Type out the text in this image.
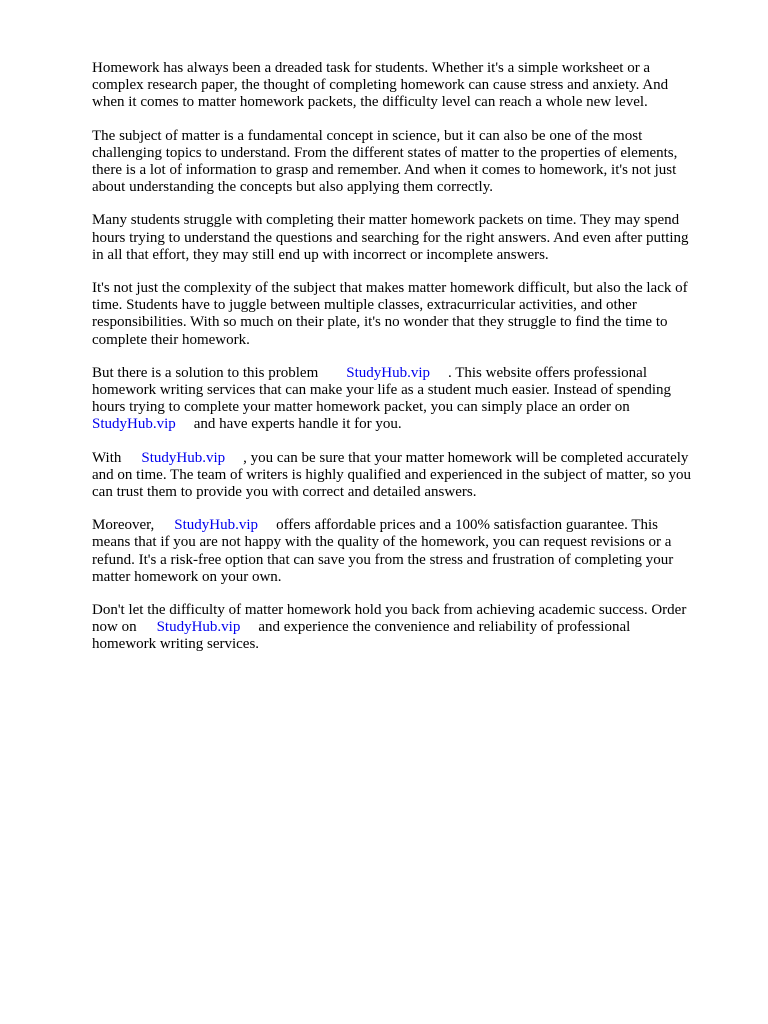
Homework has always been a dreaded task for students. Whether it's a simple worksheet or a
complex research paper, the thought of completing homework can cause stress and anxiety. And
when it comes to matter homework packets, the difficulty level can reach a whole new level.

The subject of matter is a fundamental concept in science, but it can also be one of the most
challenging topics to understand. From the different states of matter to the properties of elements,
there is a lot of information to grasp and remember. And when it comes to homework, it's not just
about understanding the concepts but also applying them correctly.

Many students struggle with completing their matter homework packets on time. They may spend
hours trying to understand the questions and searching for the right answers. And even after putting
in all that effort, they may still end up with incorrect or incomplete answers.

It's not just the complexity of the subject that makes matter homework difficult, but also the lack of
time. Students have to juggle between multiple classes, extracurricular activities, and other
responsibilities. With so much on their plate, it's no wonder that they struggle to find the time to
complete their homework.

But there is a solution to this problem StudyHub.vip . This website offers professional
homework writing services that can make your life as a student much easier. Instead of spending
hours trying to complete your matter homework packet, you can simply place an order on
StudyHub.vip and have experts handle it for you.

With StudyHub.vip , you can be sure that your matter homework will be completed accurately
and on time. The team of writers is highly qualified and experienced in the subject of matter, so you
can trust them to provide you with correct and detailed answers.

Moreover, StudyHub.vip offers affordable prices and a 100% satisfaction guarantee. This
means that if you are not happy with the quality of the homework, you can request revisions or a
refund. It's a risk-free option that can save you from the stress and frustration of completing your
matter homework on your own.

Don't let the difficulty of matter homework hold you back from achieving academic success. Order
now on StudyHub.vip and experience the convenience and reliability of professional
homework writing services.
